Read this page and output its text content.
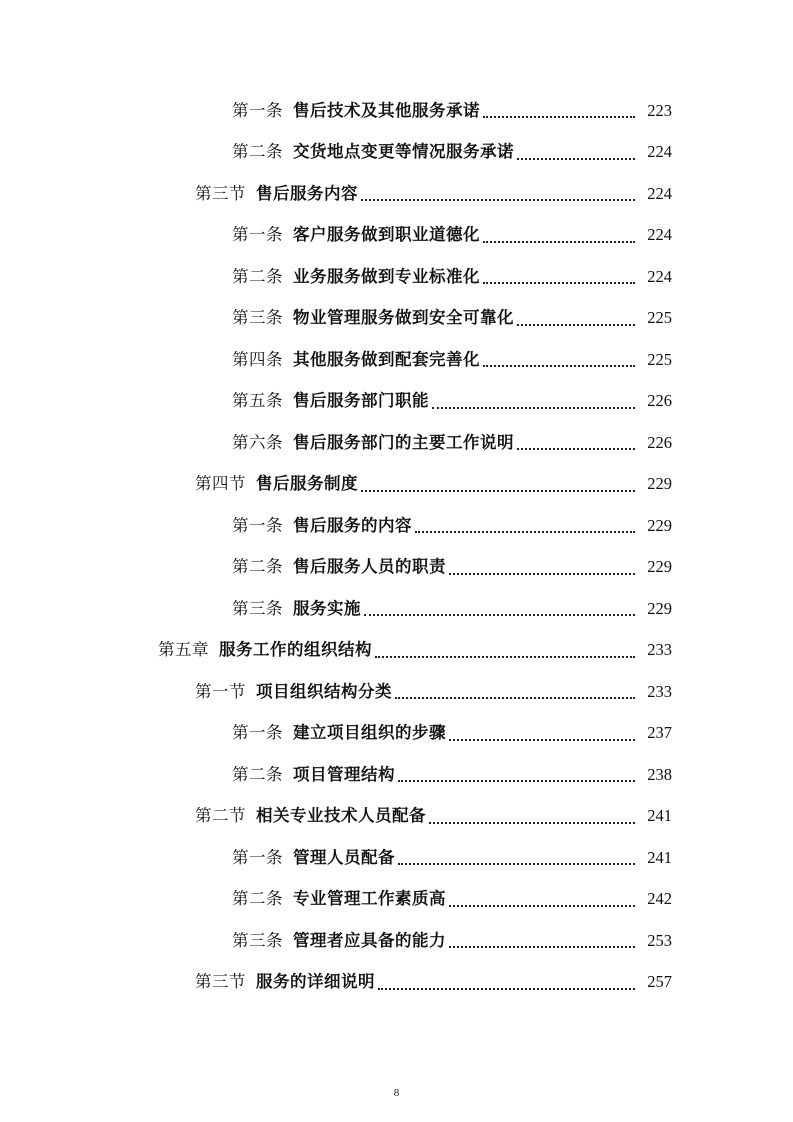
第一条 售后技术及其他服务承诺	223
第二条 交货地点变更等情况服务承诺	224
第三节 售后服务内容	224
第一条 客户服务做到职业道德化	224
第二条 业务服务做到专业标准化	224
第三条 物业管理服务做到安全可靠化	225
第四条 其他服务做到配套完善化	225
第五条 售后服务部门职能	226
第六条 售后服务部门的主要工作说明	226
第四节 售后服务制度	229
第一条 售后服务的内容	229
第二条 售后服务人员的职责	229
第三条 服务实施	229
第五章 服务工作的组织结构	233
第一节 项目组织结构分类	233
第一条 建立项目组织的步骤	237
第二条 项目管理结构	238
第二节 相关专业技术人员配备	241
第一条 管理人员配备	241
第二条 专业管理工作素质高	242
第三条 管理者应具备的能力	253
第三节 服务的详细说明	257
8
